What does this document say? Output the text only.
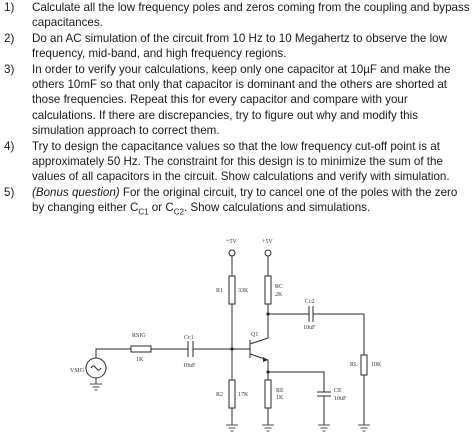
1)	Calculate all the low frequency poles and zeros coming from the coupling and bypass capacitances.
2)	Do an AC simulation of the circuit from 10 Hz to 10 Megahertz to observe the low frequency, mid-band, and high frequency regions.
3)	In order to verify your calculations, keep only one capacitor at 10µF and make the others 10mF so that only that capacitor is dominant and the others are shorted at those frequencies. Repeat this for every capacitor and compare with your calculations. If there are discrepancies, try to figure out why and modify this simulation approach to correct them.
4)	Try to design the capacitance values so that the low frequency cut-off point is at approximately 50 Hz. The constraint for this design is to minimize the sum of the values of all capacitors in the circuit. Show calculations and verify with simulation.
5)	(Bonus question) For the original circuit, try to cancel one of the poles with the zero by changing either $C_{C1}$ or $C_{C2}$. Show calculations and simulations.
+5V	+5V
R1 33K
R2 17K
RC
2K
Cc2
10uF
RL 10K
Q1
RE
1K
CE
10uF
RSIG
1K
Cc1
10uF
VSIG
